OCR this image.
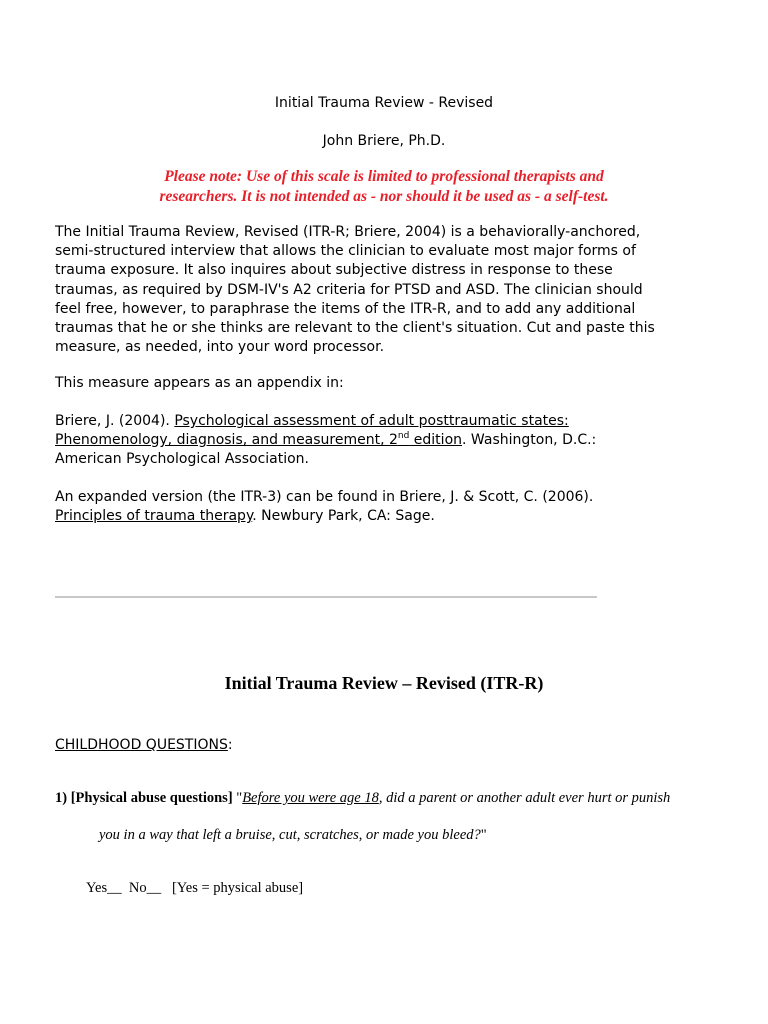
Initial Trauma Review - Revised

John Briere, Ph.D.

Please note: Use of this scale is limited to professional therapists and

researchers. It is not intended as - nor should it be used as - a self-test.

The Initial Trauma Review, Revised (ITR-R; Briere, 2004) is a behaviorally-anchored,

semi-structured interview that allows the clinician to evaluate most major forms of

trauma exposure. It also inquires about subjective distress in response to these

traumas, as required by DSM-IV's A2 criteria for PTSD and ASD. The clinician should

feel free, however, to paraphrase the items of the ITR-R, and to add any additional

traumas that he or she thinks are relevant to the client's situation. Cut and paste this

measure, as needed, into your word processor.

This measure appears as an appendix in:

Briere, J. (2004). Psychological assessment of adult posttraumatic states:

Phenomenology, diagnosis, and measurement, 2nd edition. Washington, D.C.:

American Psychological Association.

An expanded version (the ITR-3) can be found in Briere, J. & Scott, C. (2006).

Principles of trauma therapy. Newbury Park, CA: Sage.

Initial Trauma Review – Revised (ITR-R)

CHILDHOOD QUESTIONS:

1) [Physical abuse questions] "Before you were age 18, did a parent or another adult ever hurt or punish

you in a way that left a bruise, cut, scratches, or made you bleed?"

Yes__  No__   [Yes = physical abuse]
